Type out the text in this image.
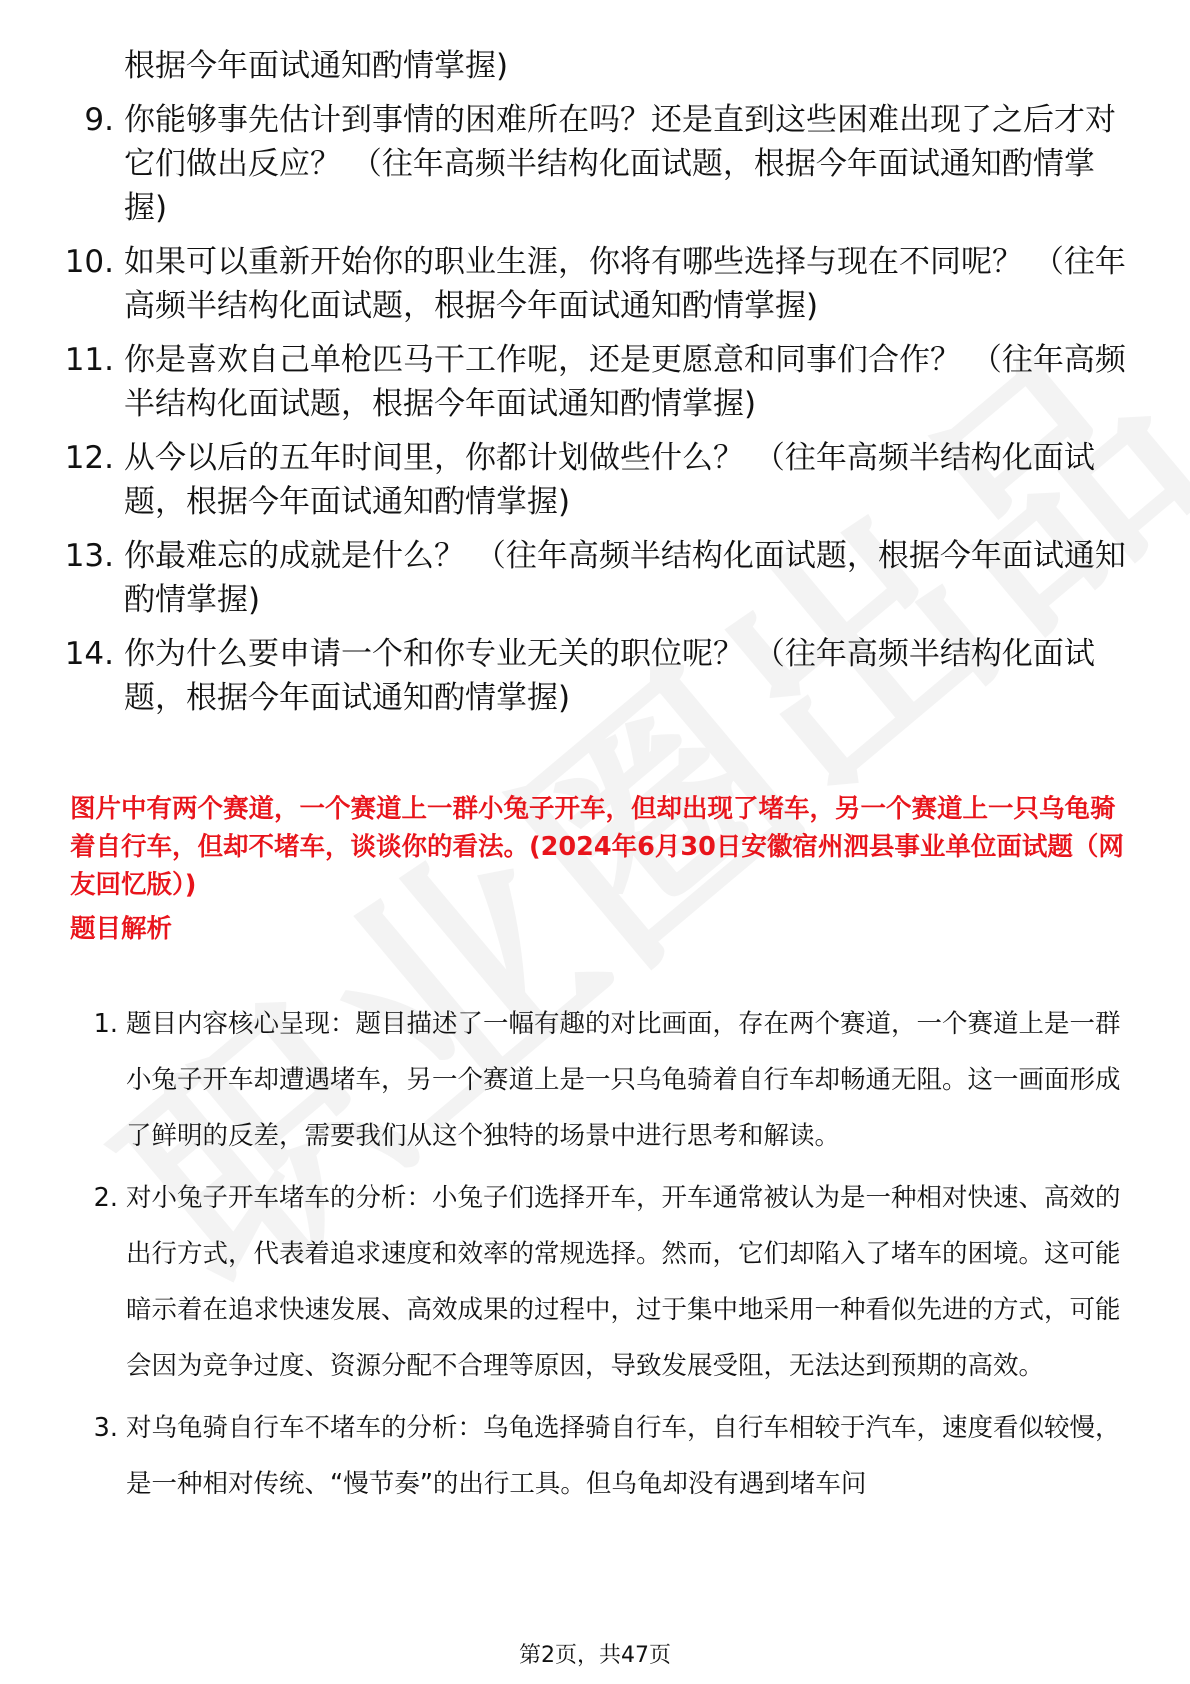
根据今年面试通知酌情掌握)
9. 你能够事先估计到事情的困难所在吗？还是直到这些困难出现了之后才对它们做出反应？ （往年高频半结构化面试题，根据今年面试通知酌情掌握)
10. 如果可以重新开始你的职业生涯，你将有哪些选择与现在不同呢？ （往年高频半结构化面试题，根据今年面试通知酌情掌握)
11. 你是喜欢自己单枪匹马干工作呢，还是更愿意和同事们合作？ （往年高频半结构化面试题，根据今年面试通知酌情掌握)
12. 从今以后的五年时间里，你都计划做些什么？ （往年高频半结构化面试题，根据今年面试通知酌情掌握)
13. 你最难忘的成就是什么？ （往年高频半结构化面试题，根据今年面试通知酌情掌握)
14. 你为什么要申请一个和你专业无关的职位呢？ （往年高频半结构化面试题，根据今年面试通知酌情掌握)
图片中有两个赛道，一个赛道上一群小兔子开车，但却出现了堵车，另一个赛道上一只乌龟骑着自行车，但却不堵车，谈谈你的看法。(2024年6月30日安徽宿州泗县事业单位面试题（网友回忆版）)
题目解析
1. 题目内容核心呈现：题目描述了一幅有趣的对比画面，存在两个赛道，一个赛道上是一群小兔子开车却遭遇堵车，另一个赛道上是一只乌龟骑着自行车却畅通无阻。这一画面形成了鲜明的反差，需要我们从这个独特的场景中进行思考和解读。
2. 对小兔子开车堵车的分析：小兔子们选择开车，开车通常被认为是一种相对快速、高效的出行方式，代表着追求速度和效率的常规选择。然而，它们却陷入了堵车的困境。这可能暗示着在追求快速发展、高效成果的过程中，过于集中地采用一种看似先进的方式，可能会因为竞争过度、资源分配不合理等原因，导致发展受阻，无法达到预期的高效。
3. 对乌龟骑自行车不堵车的分析：乌龟选择骑自行车，自行车相较于汽车，速度看似较慢，是一种相对传统、“慢节奏”的出行工具。但乌龟却没有遇到堵车问
第2页，共47页
